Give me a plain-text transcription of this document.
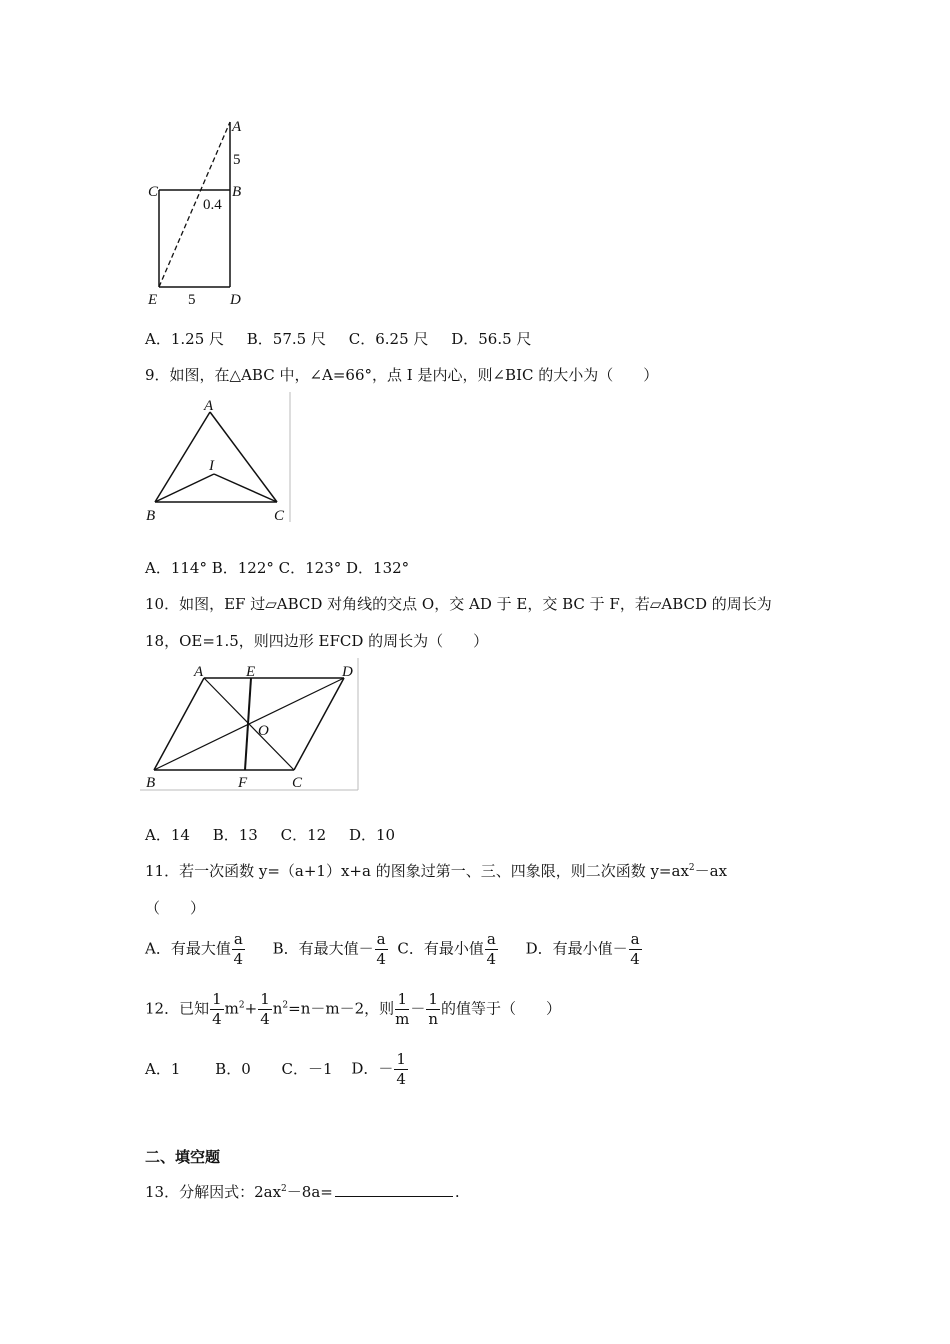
A
5
C	B
0.4
E 5 D
A．1.25 尺 B．57.5 尺 C．6.25 尺 D．56.5 尺
9．如图，在△ABC 中，∠A=66°，点 I 是内心，则∠BIC 的大小为（　　）
A
I
B	C
A．114° B．122° C．123° D．132°
10．如图，EF 过▱ABCD 对角线的交点 O，交 AD 于 E，交 BC 于 F，若▱ABCD 的周长为
18，OE=1.5，则四边形 EFCD 的周长为（　　）
A	E	D
O
B	F	C
A．14 B．13 C．12 D．10
11．若一次函数 y=（a+1）x+a 的图象过第一、三、四象限，则二次函数 $y=ax^2-ax$
（　　）
A．有最大值 $\frac{a}{4}$ B．有最大值－ $\frac{a}{4}$ C．有最小值 $\frac{a}{4}$ D．有最小值－ $\frac{a}{4}$
12．已知 $\frac{1}{4} m^2+ \frac{1}{4} n^2=n-m-2$，则 $\frac{1}{m} - \frac{1}{n}$ 的值等于（　　）
A．1 B．0 C．－1 D．－ $\frac{1}{4}$
二、填空题
13．分解因式：$2ax^2-8a=$	.
